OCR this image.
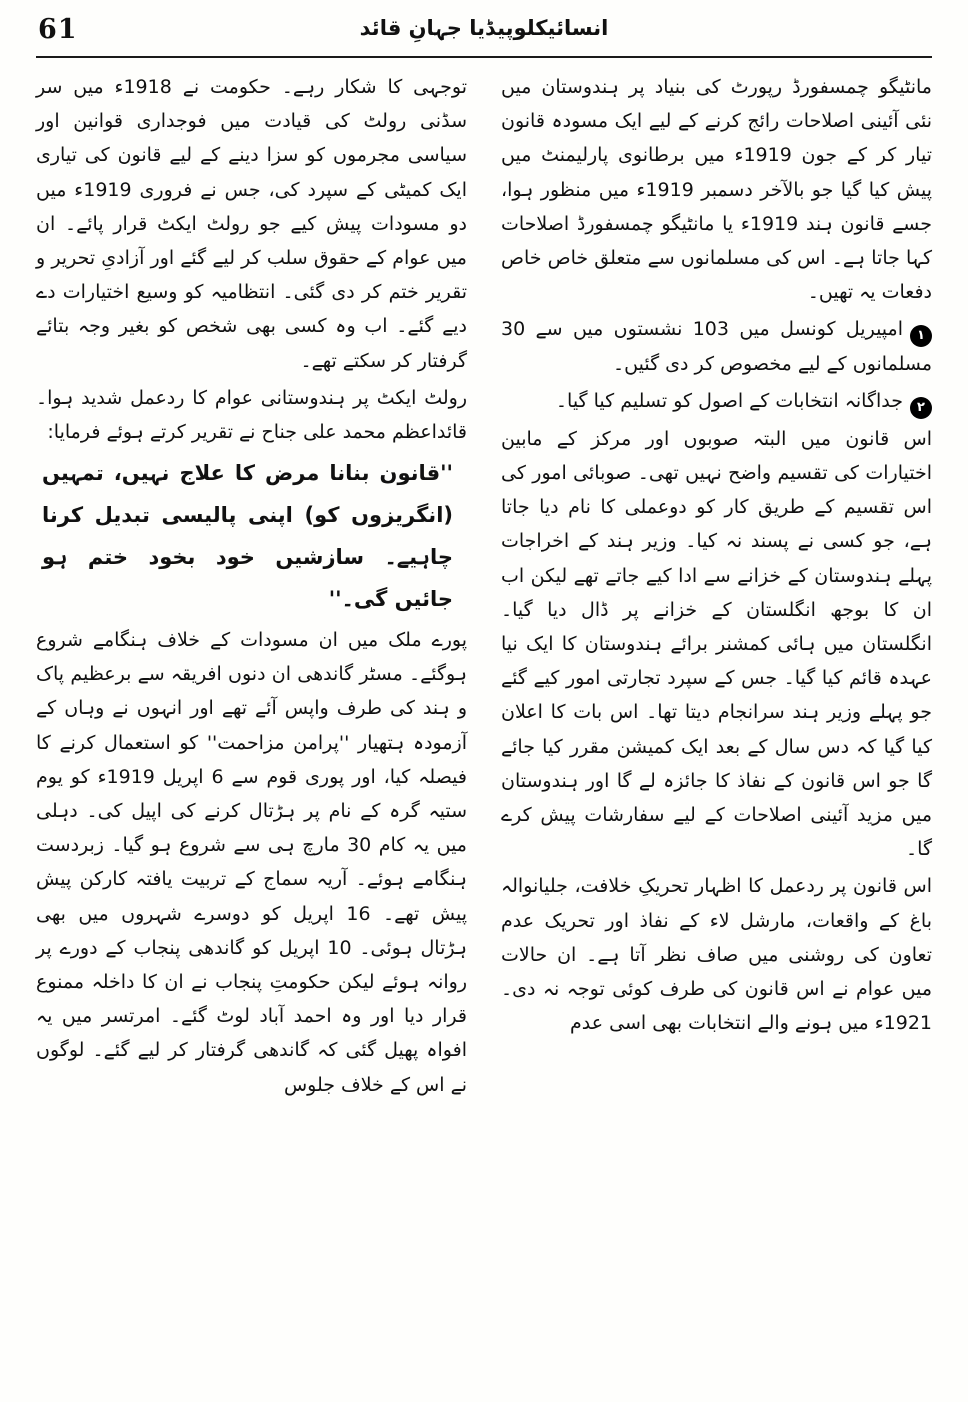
61	انسائیکلوپیڈیا جہانِ قائد

مانٹیگو چمسفورڈ رپورٹ کی بنیاد پر ہندوستان میں نئی آئینی اصلاحات رائج کرنے کے لیے ایک مسودہ قانون تیار کر کے جون 1919ء میں برطانوی پارلیمنٹ میں پیش کیا گیا جو بالآخر دسمبر 1919ء میں منظور ہوا، جسے قانون ہند 1919ء یا مانٹیگو چمسفورڈ اصلاحات کہا جاتا ہے۔ اس کی مسلمانوں سے متعلق خاص خاص دفعات یہ تھیں۔

۱امپیریل کونسل میں 103 نشستوں میں سے 30 مسلمانوں کے لیے مخصوص کر دی گئیں۔

۲جداگانہ انتخابات کے اصول کو تسلیم کیا گیا۔

اس قانون میں البتہ صوبوں اور مرکز کے مابین اختیارات کی تقسیم واضح نہیں تھی۔ صوبائی امور کی اس تقسیم کے طریق کار کو دوعملی کا نام دیا جاتا ہے، جو کسی نے پسند نہ کیا۔ وزیر ہند کے اخراجات پہلے ہندوستان کے خزانے سے ادا کیے جاتے تھے لیکن اب ان کا بوجھ انگلستان کے خزانے پر ڈال دیا گیا۔ انگلستان میں ہائی کمشنر برائے ہندوستان کا ایک نیا عہدہ قائم کیا گیا۔ جس کے سپرد تجارتی امور کیے گئے جو پہلے وزیر ہند سرانجام دیتا تھا۔ اس بات کا اعلان کیا گیا کہ دس سال کے بعد ایک کمیشن مقرر کیا جائے گا جو اس قانون کے نفاذ کا جائزہ لے گا اور ہندوستان میں مزید آئینی اصلاحات کے لیے سفارشات پیش کرے گا۔

اس قانون پر ردعمل کا اظہار تحریکِ خلافت، جلیانوالہ باغ کے واقعات، مارشل لاء کے نفاذ اور تحریک عدم تعاون کی روشنی میں صاف نظر آتا ہے۔ ان حالات میں عوام نے اس قانون کی طرف کوئی توجہ نہ دی۔ 1921ء میں ہونے والے انتخابات بھی اسی عدم

توجہی کا شکار رہے۔ حکومت نے 1918ء میں سر سڈنی رولٹ کی قیادت میں فوجداری قوانین اور سیاسی مجرموں کو سزا دینے کے لیے قانون کی تیاری ایک کمیٹی کے سپرد کی، جس نے فروری 1919ء میں دو مسودات پیش کیے جو رولٹ ایکٹ قرار پائے۔ ان میں عوام کے حقوق سلب کر لیے گئے اور آزادیِ تحریر و تقریر ختم کر دی گئی۔ انتظامیہ کو وسیع اختیارات دے دیے گئے۔ اب وہ کسی بھی شخص کو بغیر وجہ بتائے گرفتار کر سکتے تھے۔

رولٹ ایکٹ پر ہندوستانی عوام کا ردعمل شدید ہوا۔ قائداعظم محمد علی جناح نے تقریر کرتے ہوئے فرمایا:

''قانون بنانا مرض کا علاج نہیں، تمہیں (انگریزوں کو) اپنی پالیسی تبدیل کرنا چاہیے۔ سازشیں خود بخود ختم ہو جائیں گی۔''

پورے ملک میں ان مسودات کے خلاف ہنگامے شروع ہوگئے۔ مسٹر گاندھی ان دنوں افریقہ سے برعظیم پاک و ہند کی طرف واپس آئے تھے اور انہوں نے وہاں کے آزمودہ ہتھیار ''پرامن مزاحمت'' کو استعمال کرنے کا فیصلہ کیا، اور پوری قوم سے 6 اپریل 1919ء کو یوم ستیہ گرہ کے نام پر ہڑتال کرنے کی اپیل کی۔ دہلی میں یہ کام 30 مارچ ہی سے شروع ہو گیا۔ زبردست ہنگامے ہوئے۔ آریہ سماج کے تربیت یافتہ کارکن پیش پیش تھے۔ 16 اپریل کو دوسرے شہروں میں بھی ہڑتال ہوئی۔ 10 اپریل کو گاندھی پنجاب کے دورے پر روانہ ہوئے لیکن حکومتِ پنجاب نے ان کا داخلہ ممنوع قرار دیا اور وہ احمد آباد لوٹ گئے۔ امرتسر میں یہ افواہ پھیل گئی کہ گاندھی گرفتار کر لیے گئے۔ لوگوں نے اس کے خلاف جلوس
